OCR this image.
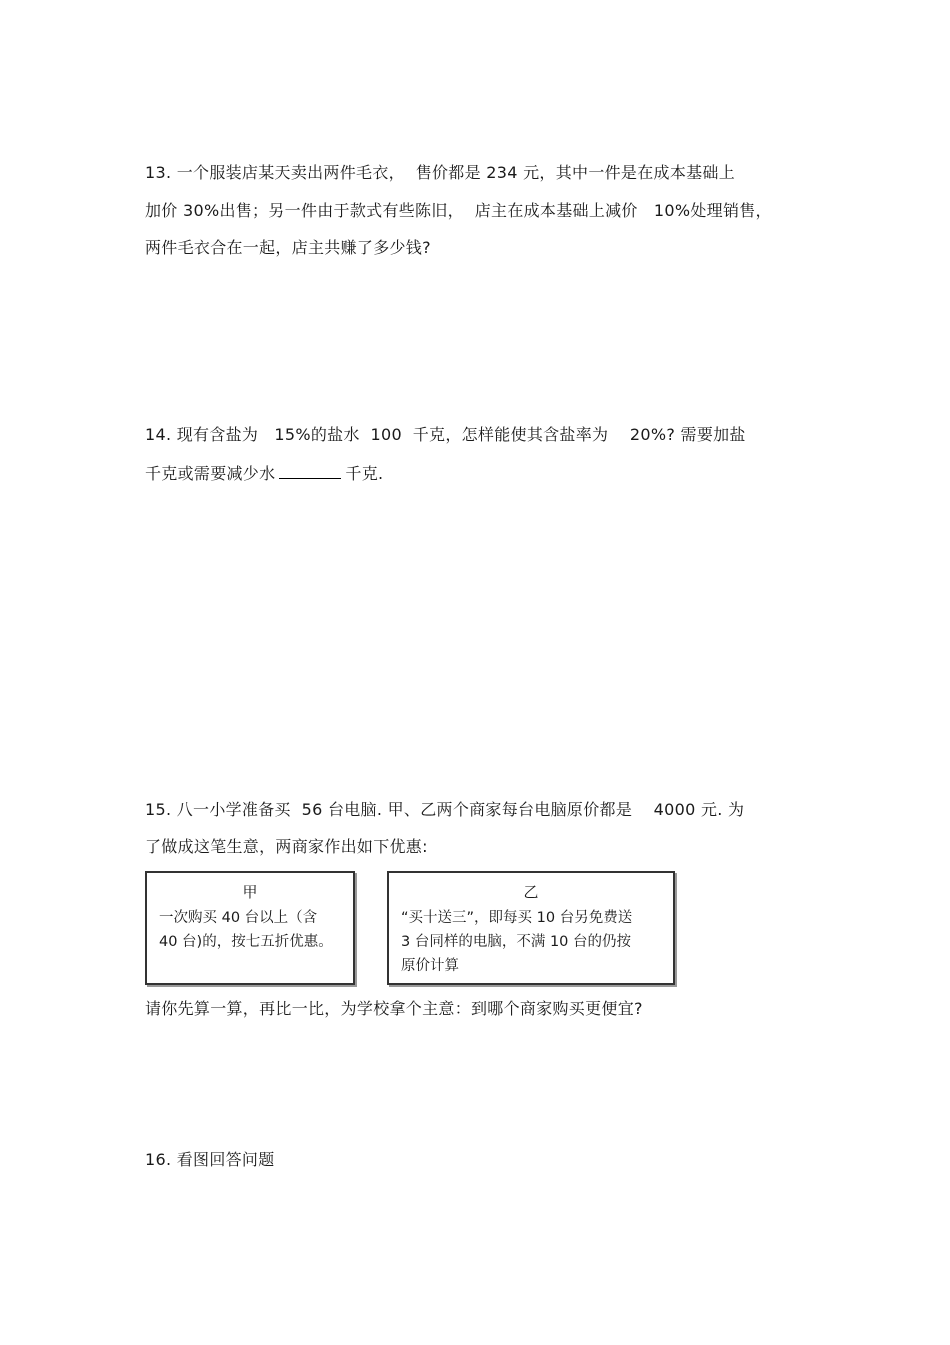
13. 一个服装店某天卖出两件毛衣，  售价都是 234 元，其中一件是在成本基础上
加价 30%出售；另一件由于款式有些陈旧，  店主在成本基础上减价   10%处理销售，
两件毛衣合在一起，店主共赚了多少钱?
14. 现有含盐为   15%的盐水  100  千克，怎样能使其含盐率为    20%? 需要加盐
千克或需要减少水	千克.
15. 八一小学准备买  56 台电脑. 甲、乙两个商家每台电脑原价都是    4000 元. 为
了做成这笔生意，两商家作出如下优惠:
甲
一次购买 40 台以上（含
40 台)的，按七五折优惠。
乙
“买十送三”，即每买 10 台另免费送
3 台同样的电脑，不满 10 台的仍按
原价计算
请你先算一算，再比一比，为学校拿个主意：到哪个商家购买更便宜?
16. 看图回答问题
